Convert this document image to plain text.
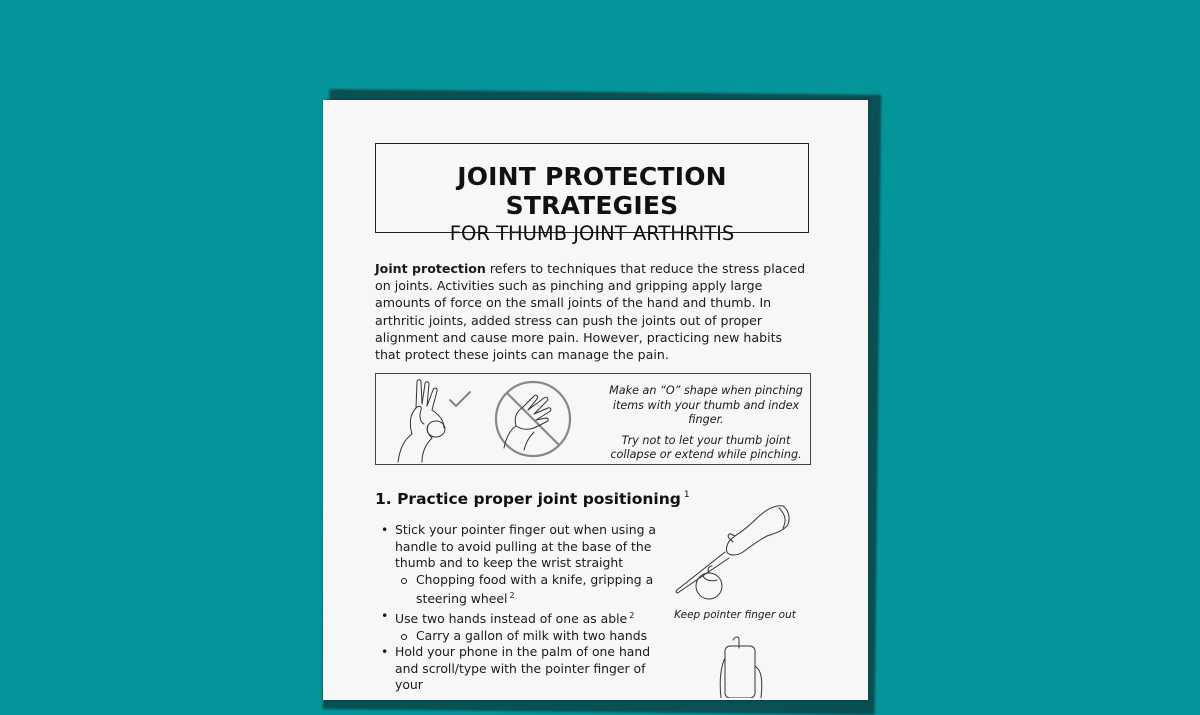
JOINT PROTECTION STRATEGIES
FOR THUMB JOINT ARTHRITIS
Joint protection refers to techniques that reduce the stress placed on joints. Activities such as pinching and gripping apply large amounts of force on the small joints of the hand and thumb. In arthritic joints, added stress can push the joints out of proper alignment and cause more pain. However, practicing new habits that protect these joints can manage the pain.

Make an “O” shape when pinching items with your thumb and index finger.

Try not to let your thumb joint collapse or extend while pinching.

1. Practice proper joint positioning $^1$
• Stick your pointer finger out when using a handle to avoid pulling at the base of the thumb and to keep the wrist straight
Chopping food with a knife, gripping a steering wheel $^2$
• Use two hands instead of one as able $^2$
Carry a gallon of milk with two hands
• Hold your phone in the palm of one hand and scroll/type with the pointer finger of your
Keep pointer finger out
